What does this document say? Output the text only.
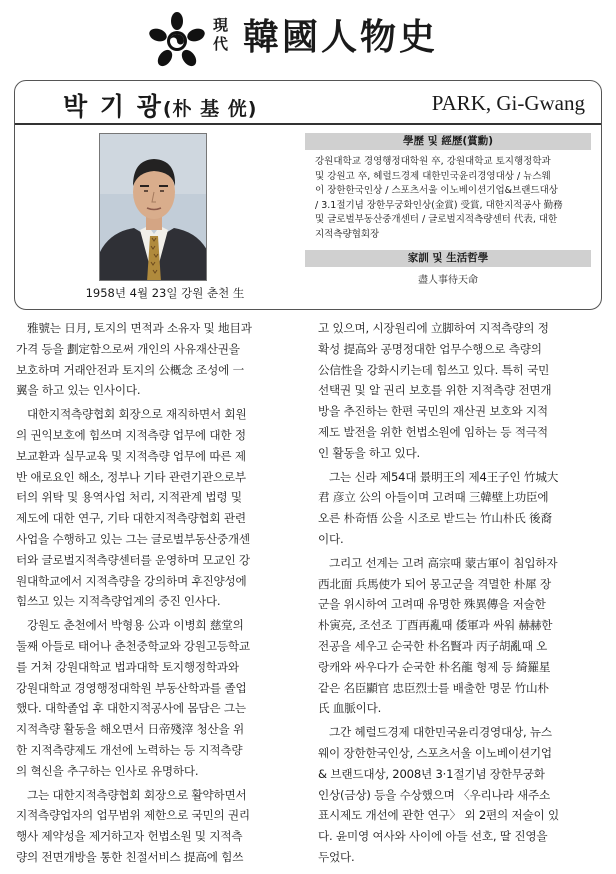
現代 韓國人物史
박 기 광(朴 基 侊)	PARK, Gi-Gwang
1958년 4월 23일 강원 춘천 生
學歷 및 經歷(賞勳)
강원대학교 경영행정대학원 卒, 강원대학교 토지행정학과
및 강원고 卒, 헤럴드경제 대한민국윤리경영대상 / 뉴스웨
이 장한한국인상 / 스포츠서울 이노베이션기업&브랜드대상
/ 3.1절기념 장한무궁화인상(金賞) 受賞, 대한지적공사 勤務
및 글로벌부동산중개센터 / 글로벌지적측량센터 代表, 대한
지적측량협회장
家訓 및 生活哲學
盡人事待天命

雅號는 日月, 토지의 면적과 소유자 및 地目과
가격 등을 劃定함으로써 개인의 사유재산권을
보호하며 거래안전과 토지의 公概念 조성에 一
翼을 하고 있는 인사이다.

대한지적측량협회 회장으로 재직하면서 회원
의 권익보호에 힘쓰며 지적측량 업무에 대한 정
보교환과 실무교육 및 지적측량 업무에 따른 제
반 애로요인 해소, 정부나 기타 관련기관으로부
터의 위탁 및 용역사업 처리, 지적관계 법령 및
제도에 대한 연구, 기타 대한지적측량협회 관련
사업을 수행하고 있는 그는 글로벌부동산중개센
터와 글로벌지적측량센터를 운영하며 모교인 강
원대학교에서 지적측량을 강의하며 후진양성에
힘쓰고 있는 지적측량업계의 중진 인사다.

강원도 춘천에서 박형용 公과 이병희 慈堂의
둘째 아들로 태어나 춘천중학교와 강원고등학교
를 거쳐 강원대학교 법과대학 토지행정학과와
강원대학교 경영행정대학원 부동산학과를 졸업
했다. 대학졸업 후 대한지적공사에 몸담은 그는
지적측량 활동을 해오면서 日帝殘滓 청산을 위
한 지적측량제도 개선에 노력하는 등 지적측량
의 혁신을 추구하는 인사로 유명하다.

그는 대한지적측량협회 회장으로 활약하면서
지적측량업자의 업무범위 제한으로 국민의 권리
행사 제약성을 제거하고자 헌법소원 및 지적측
량의 전면개방을 통한 친절서비스 提高에 힘쓰

고 있으며, 시장원리에 立脚하여 지적측량의 정
확성 提高와 공명정대한 업무수행으로 측량의
公信性을 강화시키는데 힘쓰고 있다. 특히 국민
선택권 및 알 권리 보호를 위한 지적측량 전면개
방을 추진하는 한편 국민의 재산권 보호와 지적
제도 발전을 위한 헌법소원에 임하는 등 적극적
인 활동을 하고 있다.

그는 신라 제54대 景明王의 제4王子인 竹城大
君 彦立 公의 아들이며 고려때 三韓壁上功臣에
오른 朴奇悟 公을 시조로 받드는 竹山朴氏 後裔
이다.

그리고 선계는 고려 高宗때 蒙古軍이 침입하자
西北面 兵馬使가 되어 몽고군을 격멸한 朴犀 장
군을 위시하여 고려때 유명한 殊異傳을 저술한
朴寅亮, 조선조 丁酉再亂때 倭軍과 싸워 赫赫한
전공을 세우고 순국한 朴名賢과 丙子胡亂때 오
랑캐와 싸우다가 순국한 朴名龍 형제 등 綺羅星
같은 名臣顯官 忠臣烈士를 배출한 명문 竹山朴
氏 血脈이다.

그간 헤럴드경제 대한민국윤리경영대상, 뉴스
웨이 장한한국인상, 스포츠서울 이노베이션기업
& 브랜드대상, 2008년 3·1절기념 장한무궁화
인상(금상) 등을 수상했으며 〈우리나라 새주소
표시제도 개선에 관한 연구〉 외 2편의 저술이 있
다. 윤미영 여사와 사이에 아들 선호, 딸 진영을
두었다.
